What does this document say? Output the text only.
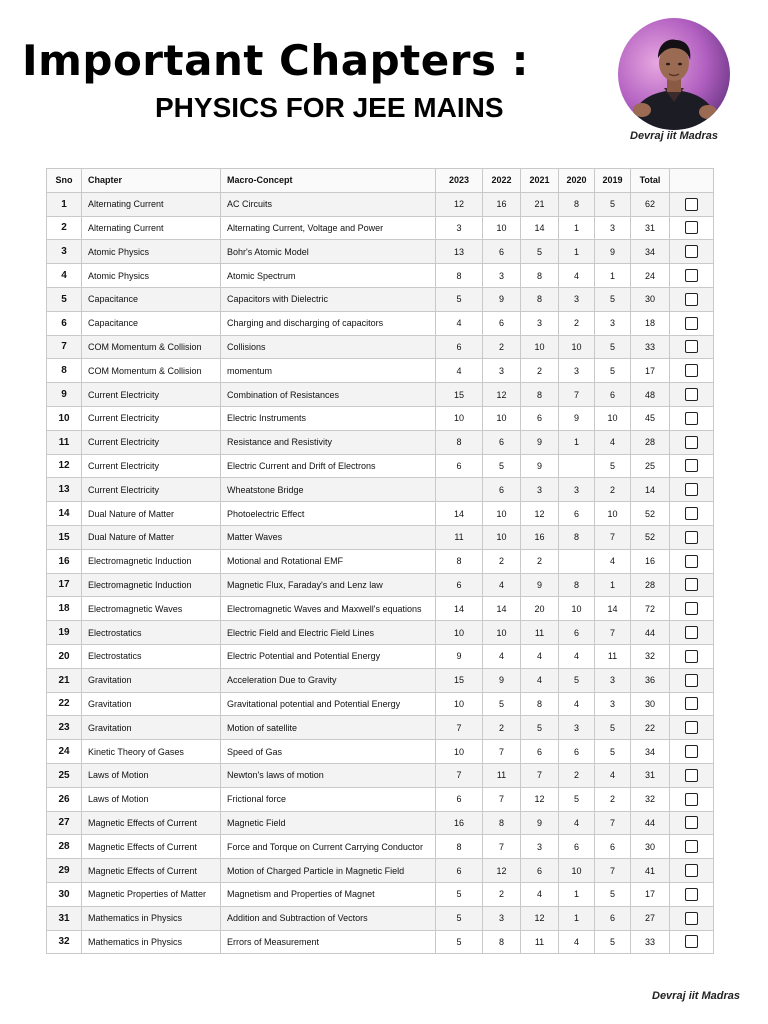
Important Chapters :
PHYSICS FOR JEE MAINS
Devraj iit Madras
Sno	Chapter	Macro-Concept	2023	2022	2021	2020	2019	Total	
1	Alternating Current	AC Circuits	12	16	21	8	5	62	
2	Alternating Current	Alternating Current, Voltage and Power	3	10	14	1	3	31	
3	Atomic Physics	Bohr's Atomic Model	13	6	5	1	9	34	
4	Atomic Physics	Atomic Spectrum	8	3	8	4	1	24	
5	Capacitance	Capacitors with Dielectric	5	9	8	3	5	30	
6	Capacitance	Charging and discharging of capacitors	4	6	3	2	3	18	
7	COM Momentum & Collision	Collisions	6	2	10	10	5	33	
8	COM Momentum & Collision	momentum	4	3	2	3	5	17	
9	Current Electricity	Combination of Resistances	15	12	8	7	6	48	
10	Current Electricity	Electric Instruments	10	10	6	9	10	45	
11	Current Electricity	Resistance and Resistivity	8	6	9	1	4	28	
12	Current Electricity	Electric Current and Drift of Electrons	6	5	9		5	25	
13	Current Electricity	Wheatstone Bridge		6	3	3	2	14	
14	Dual Nature of Matter	Photoelectric Effect	14	10	12	6	10	52	
15	Dual Nature of Matter	Matter Waves	11	10	16	8	7	52	
16	Electromagnetic Induction	Motional and Rotational EMF	8	2	2		4	16	
17	Electromagnetic Induction	Magnetic Flux, Faraday's and Lenz law	6	4	9	8	1	28	
18	Electromagnetic Waves	Electromagnetic Waves and Maxwell's equations	14	14	20	10	14	72	
19	Electrostatics	Electric Field and Electric Field Lines	10	10	11	6	7	44	
20	Electrostatics	Electric Potential and Potential Energy	9	4	4	4	11	32	
21	Gravitation	Acceleration Due to Gravity	15	9	4	5	3	36	
22	Gravitation	Gravitational potential and Potential Energy	10	5	8	4	3	30	
23	Gravitation	Motion of satellite	7	2	5	3	5	22	
24	Kinetic Theory of Gases	Speed of Gas	10	7	6	6	5	34	
25	Laws of Motion	Newton's laws of motion	7	11	7	2	4	31	
26	Laws of Motion	Frictional force	6	7	12	5	2	32	
27	Magnetic Effects of Current	Magnetic Field	16	8	9	4	7	44	
28	Magnetic Effects of Current	Force and Torque on Current Carrying Conductor	8	7	3	6	6	30	
29	Magnetic Effects of Current	Motion of Charged Particle in Magnetic Field	6	12	6	10	7	41	
30	Magnetic Properties of Matter	Magnetism and Properties of Magnet	5	2	4	1	5	17	
31	Mathematics in Physics	Addition and Subtraction of Vectors	5	3	12	1	6	27	
32	Mathematics in Physics	Errors of Measurement	5	8	11	4	5	33	
Devraj iit Madras
